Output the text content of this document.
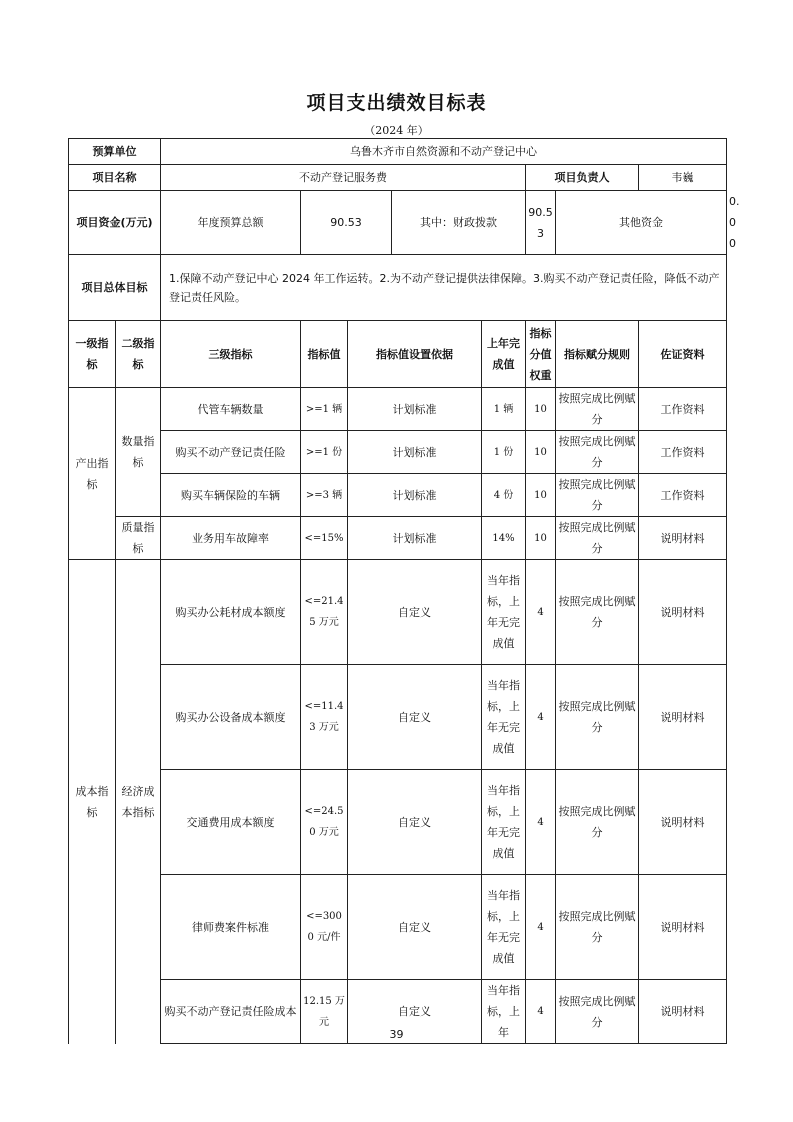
项目支出绩效目标表
（2024 年）
预算单位		乌鲁木齐市自然资源和不动产登记中心								
项目名称		不动产登记服务费					项目负责人		韦巍	
项目资金(万元)		年度预算总额	90.53		其中：财政拨款		90.53	其他资金		0.00
项目总体目标		1.保障不动产登记中心 2024 年工作运转。2.为不动产登记提供法律保障。3.购买不动产登记责任险，降低不动产登记责任风险。								
一级指标	二级指标	三级指标	指标值	指标值设置依据		上年完成值	指标分值权重	指标赋分规则	佐证资料	
产出指标	数量指标	代管车辆数量	>=1 辆	计划标准		1 辆	10	按照完成比例赋分	工作资料	
		购买不动产登记责任险	>=1 份	计划标准		1 份	10	按照完成比例赋分	工作资料	
		购买车辆保险的车辆	>=3 辆	计划标准		4 份	10	按照完成比例赋分	工作资料	
	质量指标	业务用车故障率	<=15%	计划标准		14%	10	按照完成比例赋分	说明材料	
成本指标	经济成本指标	购买办公耗材成本额度	<=21.45 万元	自定义		当年指标，上年无完成值	4	按照完成比例赋分	说明材料	
		购买办公设备成本额度	<=11.43 万元	自定义		当年指标，上年无完成值	4	按照完成比例赋分	说明材料	
		交通费用成本额度	<=24.50 万元	自定义		当年指标，上年无完成值	4	按照完成比例赋分	说明材料	
		律师费案件标准	<=3000 元/件	自定义		当年指标，上年无完成值	4	按照完成比例赋分	说明材料	
		购买不动产登记责任险成本	12.15 万元	自定义		当年指标，上年	4	按照完成比例赋分	说明材料	
39
